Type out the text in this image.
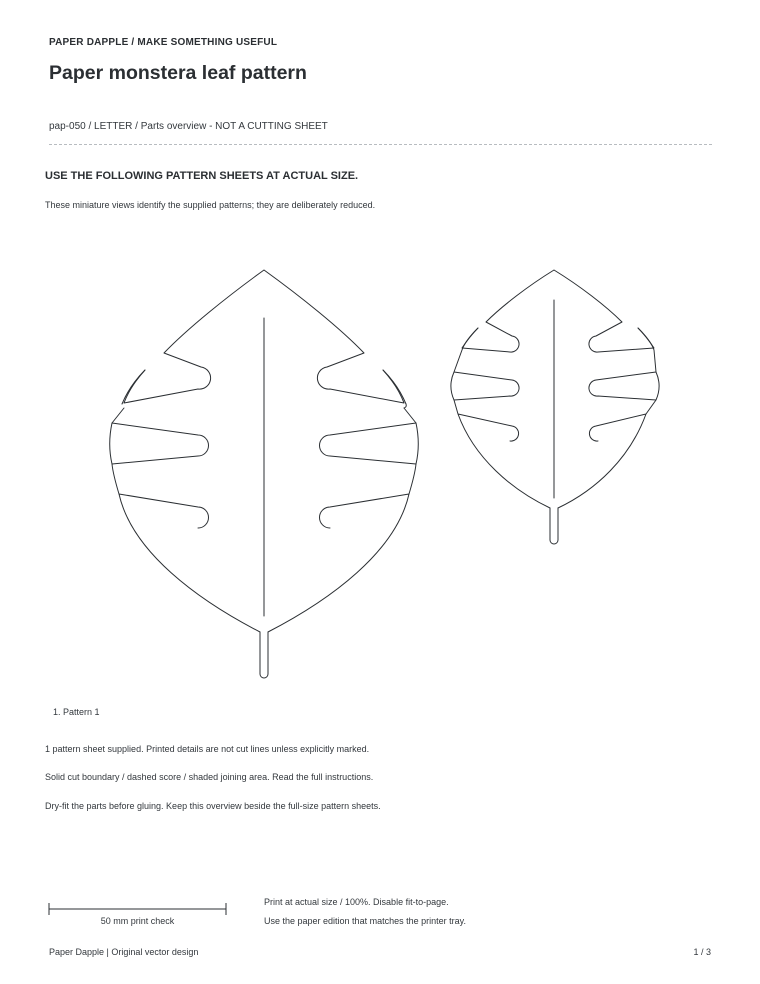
PAPER DAPPLE / MAKE SOMETHING USEFUL
Paper monstera leaf pattern
pap-050 / LETTER / Parts overview - NOT A CUTTING SHEET
USE THE FOLLOWING PATTERN SHEETS AT ACTUAL SIZE.
These miniature views identify the supplied patterns; they are deliberately reduced.
1. Pattern 1
1 pattern sheet supplied. Printed details are not cut lines unless explicitly marked.
Solid cut boundary / dashed score / shaded joining area. Read the full instructions.
Dry-fit the parts before gluing. Keep this overview beside the full-size pattern sheets.
50 mm print check
Print at actual size / 100%. Disable fit-to-page.
Use the paper edition that matches the printer tray.
Paper Dapple | Original vector design	1 / 3
